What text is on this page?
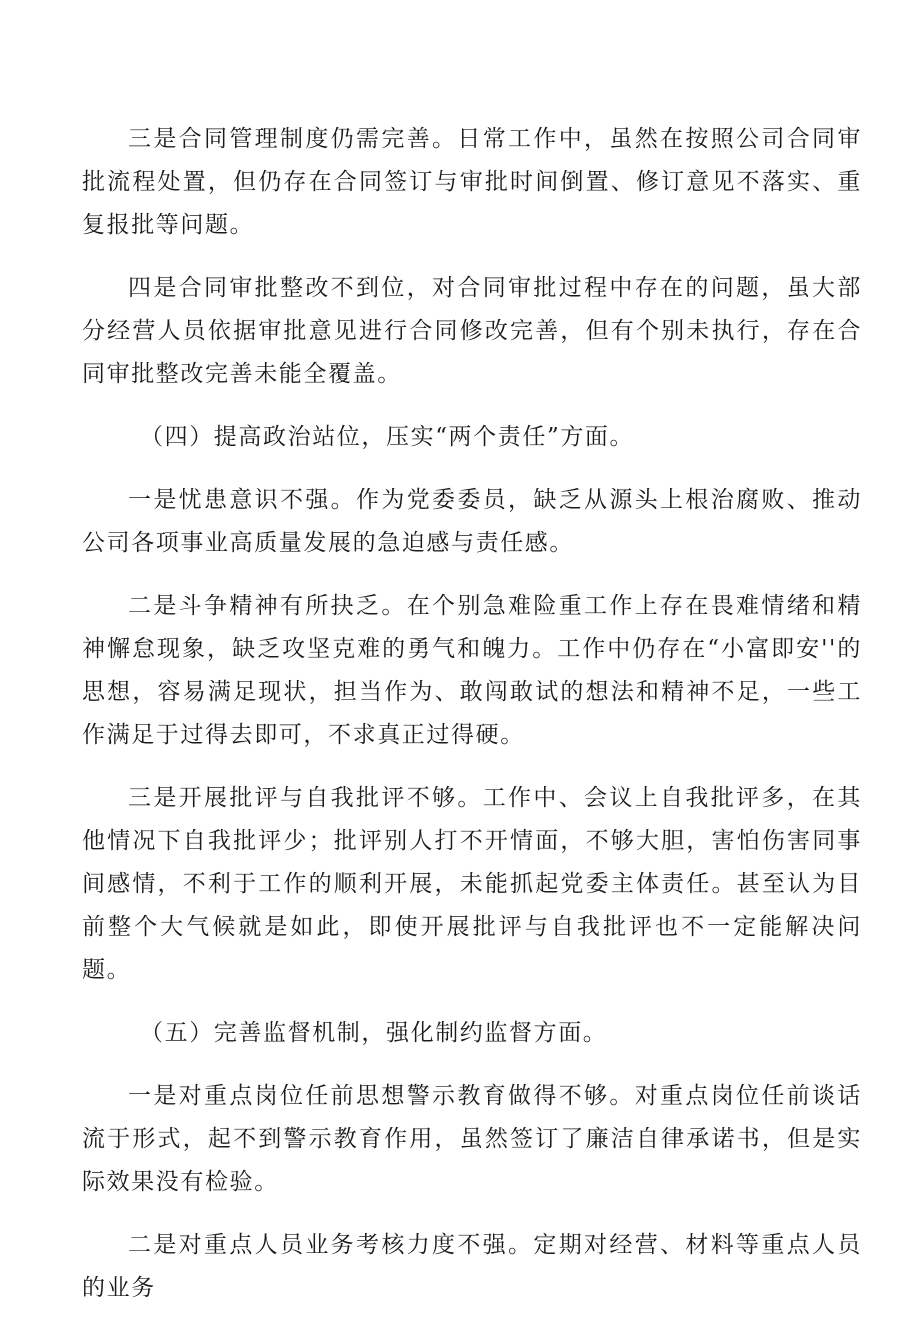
三是合同管理制度仍需完善。日常工作中，虽然在按照公司合同审批流程处置，但仍存在合同签订与审批时间倒置、修订意见不落实、重复报批等问题。

四是合同审批整改不到位，对合同审批过程中存在的问题，虽大部分经营人员依据审批意见进行合同修改完善，但有个别未执行，存在合同审批整改完善未能全覆盖。

（四）提高政治站位，压实“两个责任”方面。

一是忧患意识不强。作为党委委员，缺乏从源头上根治腐败、推动公司各项事业高质量发展的急迫感与责任感。

二是斗争精神有所抉乏。在个别急难险重工作上存在畏难情绪和精神懈怠现象，缺乏攻坚克难的勇气和魄力。工作中仍存在“小富即安''的思想，容易满足现状，担当作为、敢闯敢试的想法和精神不足，一些工作满足于过得去即可，不求真正过得硬。

三是开展批评与自我批评不够。工作中、会议上自我批评多，在其他情况下自我批评少；批评别人打不开情面，不够大胆，害怕伤害同事间感情，不利于工作的顺利开展，未能抓起党委主体责任。甚至认为目前整个大气候就是如此，即使开展批评与自我批评也不一定能解决问题。

（五）完善监督机制，强化制约监督方面。

一是对重点岗位任前思想警示教育做得不够。对重点岗位任前谈话流于形式，起不到警示教育作用，虽然签订了廉洁自律承诺书，但是实际效果没有检验。

二是对重点人员业务考核力度不强。定期对经营、材料等重点人员的业务
